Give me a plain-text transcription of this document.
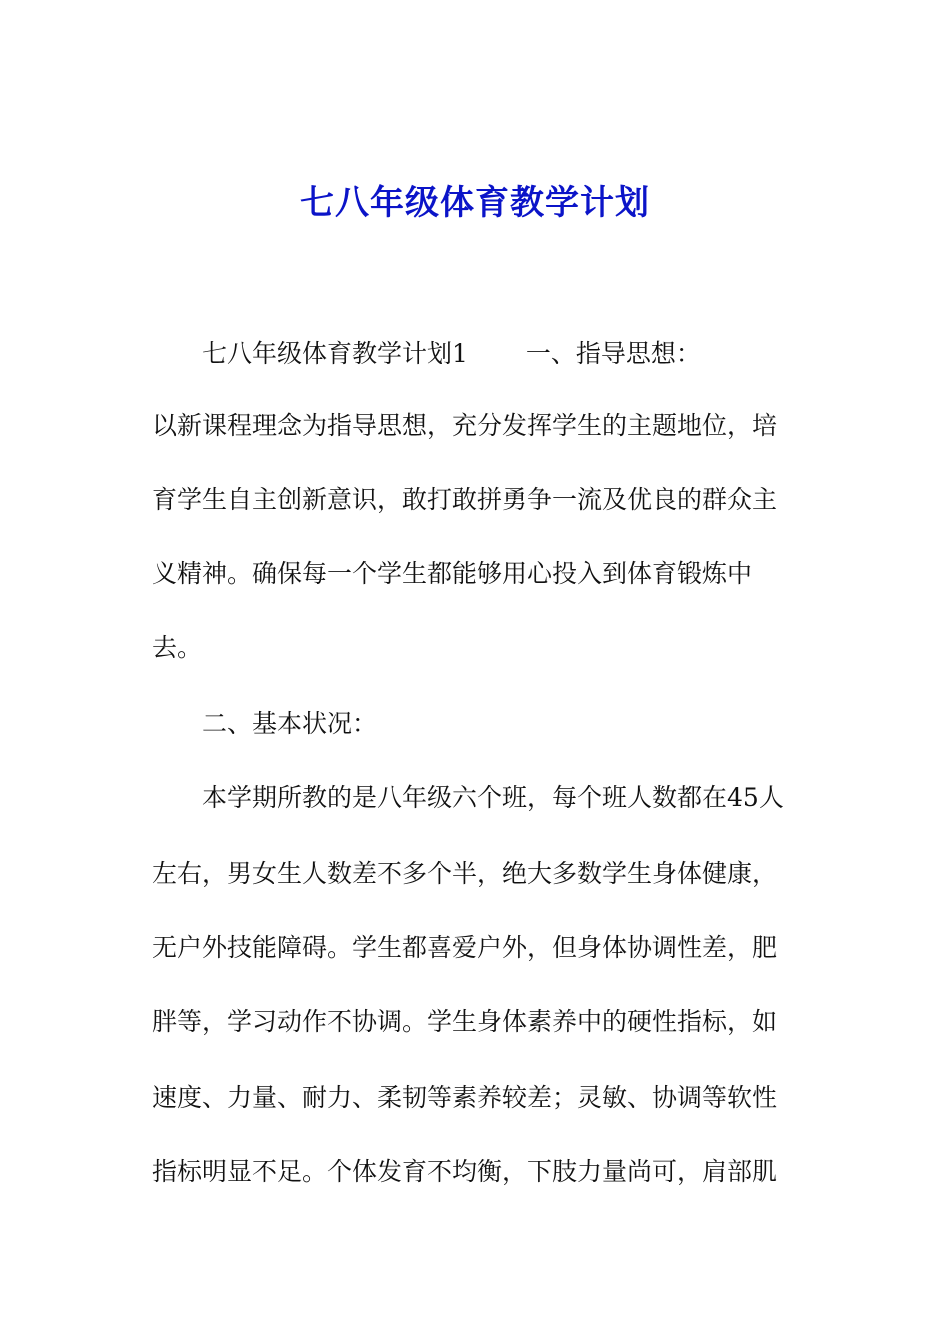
七八年级体育教学计划
七八年级体育教学计划1 一、指导思想：
以新课程理念为指导思想，充分发挥学生的主题地位，培
育学生自主创新意识，敢打敢拼勇争一流及优良的群众主
义精神。确保每一个学生都能够用心投入到体育锻炼中
去。
二、基本状况：
本学期所教的是八年级六个班，每个班人数都在45人
左右，男女生人数差不多个半，绝大多数学生身体健康，
无户外技能障碍。学生都喜爱户外，但身体协调性差，肥
胖等，学习动作不协调。学生身体素养中的硬性指标，如
速度、力量、耐力、柔韧等素养较差；灵敏、协调等软性
指标明显不足。个体发育不均衡，下肢力量尚可，肩部肌
